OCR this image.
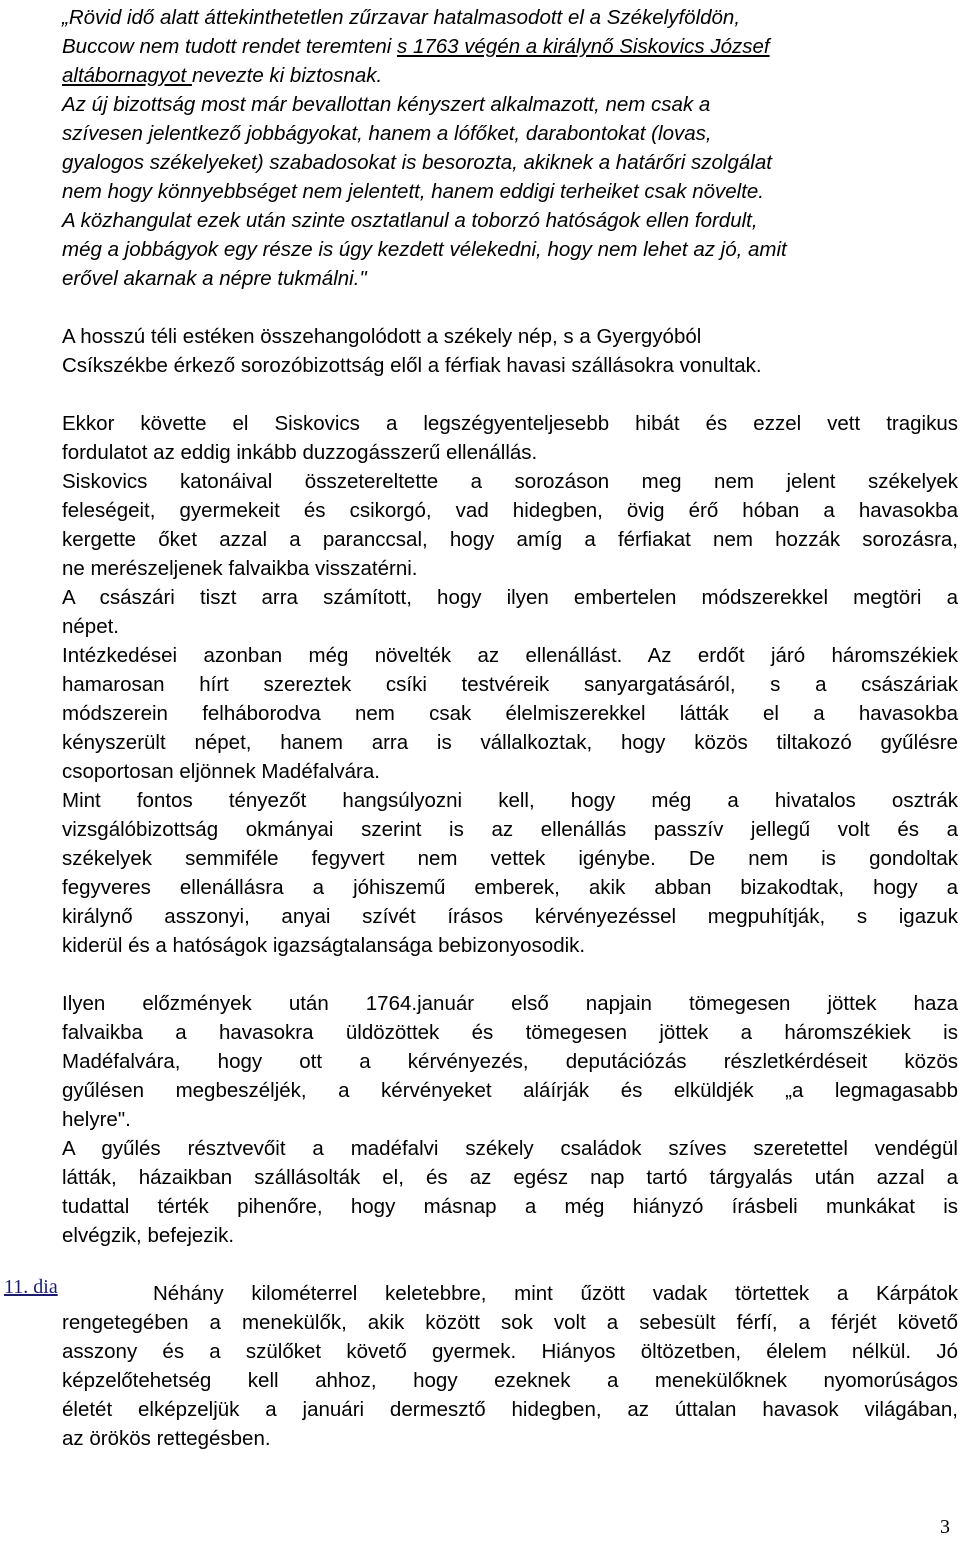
„Rövid idő alatt áttekinthetetlen zűrzavar hatalmasodott el a Székelyföldön,
Buccow nem tudott rendet teremteni s 1763 végén a királynő Siskovics József
altábornagyot nevezte ki biztosnak.
Az új bizottság most már bevallottan kényszert alkalmazott, nem csak a
szívesen jelentkező jobbágyokat, hanem a lófőket, darabontokat (lovas,
gyalogos székelyeket) szabadosokat is besorozta, akiknek a határőri szolgálat
nem hogy könnyebbséget nem jelentett, hanem eddigi terheiket csak növelte.
A közhangulat ezek után szinte osztatlanul a toborzó hatóságok ellen fordult,
még a jobbágyok egy része is úgy kezdett vélekedni, hogy nem lehet az jó, amit
erővel akarnak a népre tukmálni."
A hosszú téli estéken összehangolódott a székely nép, s a Gyergyóból
Csíkszékbe érkező sorozóbizottság elől a férfiak havasi szállásokra vonultak.
Ekkor követte el Siskovics a legszégyenteljesebb hibát és ezzel vett tragikus
fordulatot az eddig inkább duzzogásszerű ellenállás.
Siskovics katonáival összetereltette a sorozáson meg nem jelent székelyek
feleségeit, gyermekeit és csikorgó, vad hidegben, övig érő hóban a havasokba
kergette őket azzal a paranccsal, hogy amíg a férfiakat nem hozzák sorozásra,
ne merészeljenek falvaikba visszatérni.
A császári tiszt arra számított, hogy ilyen embertelen módszerekkel megtöri a
népet.
Intézkedései azonban még növelték az ellenállást. Az erdőt járó háromszékiek
hamarosan hírt szereztek csíki testvéreik sanyargatásáról, s a császáriak
módszerein felháborodva nem csak élelmiszerekkel látták el a havasokba
kényszerült népet, hanem arra is vállalkoztak, hogy közös tiltakozó gyűlésre
csoportosan eljönnek Madéfalvára.
Mint fontos tényezőt hangsúlyozni kell, hogy még a hivatalos osztrák
vizsgálóbizottság okmányai szerint is az ellenállás passzív jellegű volt és a
székelyek semmiféle fegyvert nem vettek igénybe. De nem is gondoltak
fegyveres ellenállásra a jóhiszemű emberek, akik abban bizakodtak, hogy a
királynő asszonyi, anyai szívét írásos kérvényezéssel megpuhítják, s igazuk
kiderül és a hatóságok igazságtalansága bebizonyosodik.
Ilyen előzmények után 1764.január első napjain tömegesen jöttek haza
falvaikba a havasokra üldözöttek és tömegesen jöttek a háromszékiek is
Madéfalvára, hogy ott a kérvényezés, deputációzás részletkérdéseit közös
gyűlésen megbeszéljék, a kérvényeket aláírják és elküldjék „a legmagasabb
helyre".
A gyűlés résztvevőit a madéfalvi székely családok szíves szeretettel vendégül
látták, házaikban szállásolták el, és az egész nap tartó tárgyalás után azzal a
tudattal térték pihenőre, hogy másnap a még hiányzó írásbeli munkákat is
elvégzik, befejezik.
11. dia	Néhány kilométerrel keletebbre, mint űzött vadak törtettek a Kárpátok
rengetegében a menekülők, akik között sok volt a sebesült férfí, a férjét követő
asszony és a szülőket követő gyermek. Hiányos öltözetben, élelem nélkül. Jó
képzelőtehetség kell ahhoz, hogy ezeknek a menekülőknek nyomorúságos
életét elképzeljük a januári dermesztő hidegben, az úttalan havasok világában,
az örökös rettegésben.
3
